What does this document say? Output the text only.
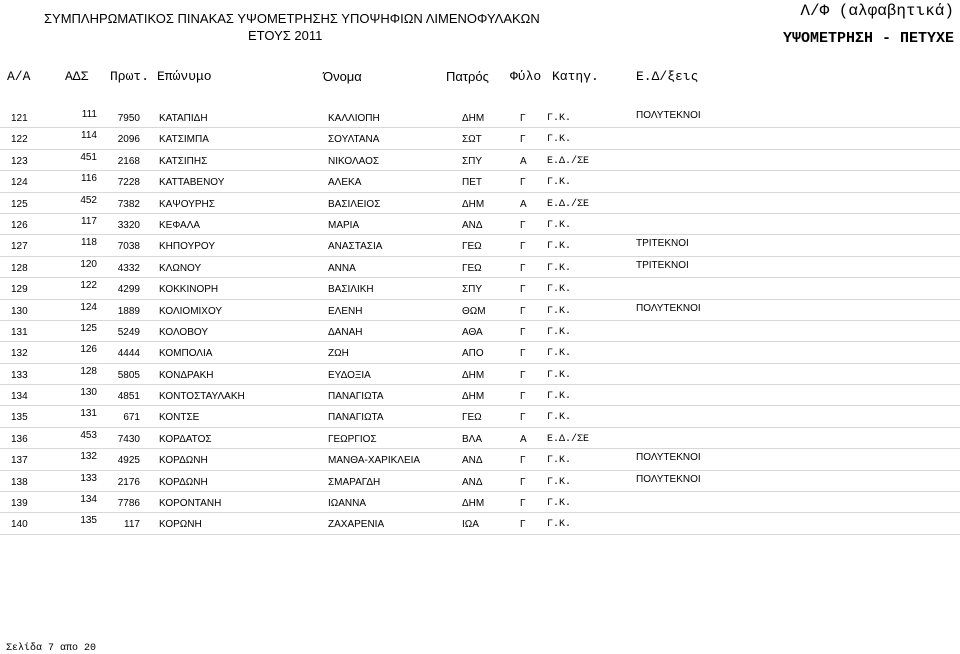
ΣΥΜΠΛΗΡΩΜΑΤΙΚΟΣ ΠΙΝΑΚΑΣ ΥΨΟΜΕΤΡΗΣΗΣ ΥΠΟΨΗΦΙΩΝ ΛΙΜΕΝΟΦΥΛΑΚΩΝ
ΕΤΟΥΣ 2011
Λ/Φ (αλφαβητικά)
ΥΨΟΜΕΤΡΗΣΗ - ΠΕΤΥΧΕ
Α/Α	ΑΔΣ Πρωτ. Επώνυμο	Όνομα	Πατρός Φύλο Κατηγ.	Ε.Δ/ξεις
121	111	7950 ΚΑΤΑΠΙΔΗ	ΚΑΛΛΙΟΠΗ	ΔΗΜ	Γ Γ.Κ.	ΠΟΛΥΤΕΚΝΟΙ
122	114	2096 ΚΑΤΣΙΜΠΑ	ΣΟΥΛΤΑΝΑ	ΣΩΤ	Γ Γ.Κ.
123	451	2168 ΚΑΤΣΙΠΗΣ	ΝΙΚΟΛΑΟΣ	ΣΠΥ	Α Ε.Δ./ΣΕ
124	116	7228 ΚΑΤΤΑΒΕΝΟΥ	ΑΛΕΚΑ	ΠΕΤ	Γ Γ.Κ.
125	452	7382 ΚΑΨΟΥΡΗΣ	ΒΑΣΙΛΕΙΟΣ	ΔΗΜ	Α Ε.Δ./ΣΕ
126	117	3320 ΚΕΦΑΛΑ	ΜΑΡΙΑ	ΑΝΔ	Γ Γ.Κ.
127	118	7038 ΚΗΠΟΥΡΟΥ	ΑΝΑΣΤΑΣΙΑ	ΓΕΩ	Γ Γ.Κ.	ΤΡΙΤΕΚΝΟΙ
128	120	4332 ΚΛΩΝΟΥ	ΑΝΝΑ	ΓΕΩ	Γ Γ.Κ.	ΤΡΙΤΕΚΝΟΙ
129	122	4299 ΚΟΚΚΙΝΟΡΗ	ΒΑΣΙΛΙΚΗ	ΣΠΥ	Γ Γ.Κ.
130	124	1889 ΚΟΛΙΟΜΙΧΟΥ	ΕΛΕΝΗ	ΘΩΜ	Γ Γ.Κ.	ΠΟΛΥΤΕΚΝΟΙ
131	125	5249 ΚΟΛΟΒΟΥ	ΔΑΝΑΗ	ΑΘΑ	Γ Γ.Κ.
132	126	4444 ΚΟΜΠΟΛΙΑ	ΖΩΗ	ΑΠΟ	Γ Γ.Κ.
133	128	5805 ΚΟΝΔΡΑΚΗ	ΕΥΔΟΞΙΑ	ΔΗΜ	Γ Γ.Κ.
134	130	4851 ΚΟΝΤΟΣΤΑΥΛΑΚΗ	ΠΑΝΑΓΙΩΤΑ	ΔΗΜ	Γ Γ.Κ.
135	131	671 ΚΟΝΤΣΕ	ΠΑΝΑΓΙΩΤΑ	ΓΕΩ	Γ Γ.Κ.
136	453	7430 ΚΟΡΔΑΤΟΣ	ΓΕΩΡΓΙΟΣ	ΒΛΑ	Α Ε.Δ./ΣΕ
137	132	4925 ΚΟΡΔΩΝΗ	ΜΑΝΘΑ-ΧΑΡΙΚΛΕΙΑ	ΑΝΔ	Γ Γ.Κ.	ΠΟΛΥΤΕΚΝΟΙ
138	133	2176 ΚΟΡΔΩΝΗ	ΣΜΑΡΑΓΔΗ	ΑΝΔ	Γ Γ.Κ.	ΠΟΛΥΤΕΚΝΟΙ
139	134	7786 ΚΟΡΟΝΤΑΝΗ	ΙΩΑΝΝΑ	ΔΗΜ	Γ Γ.Κ.
140	135	117 ΚΟΡΩΝΗ	ΖΑΧΑΡΕΝΙΑ	ΙΩΑ	Γ Γ.Κ.
Σελίδα 7 απο 20
